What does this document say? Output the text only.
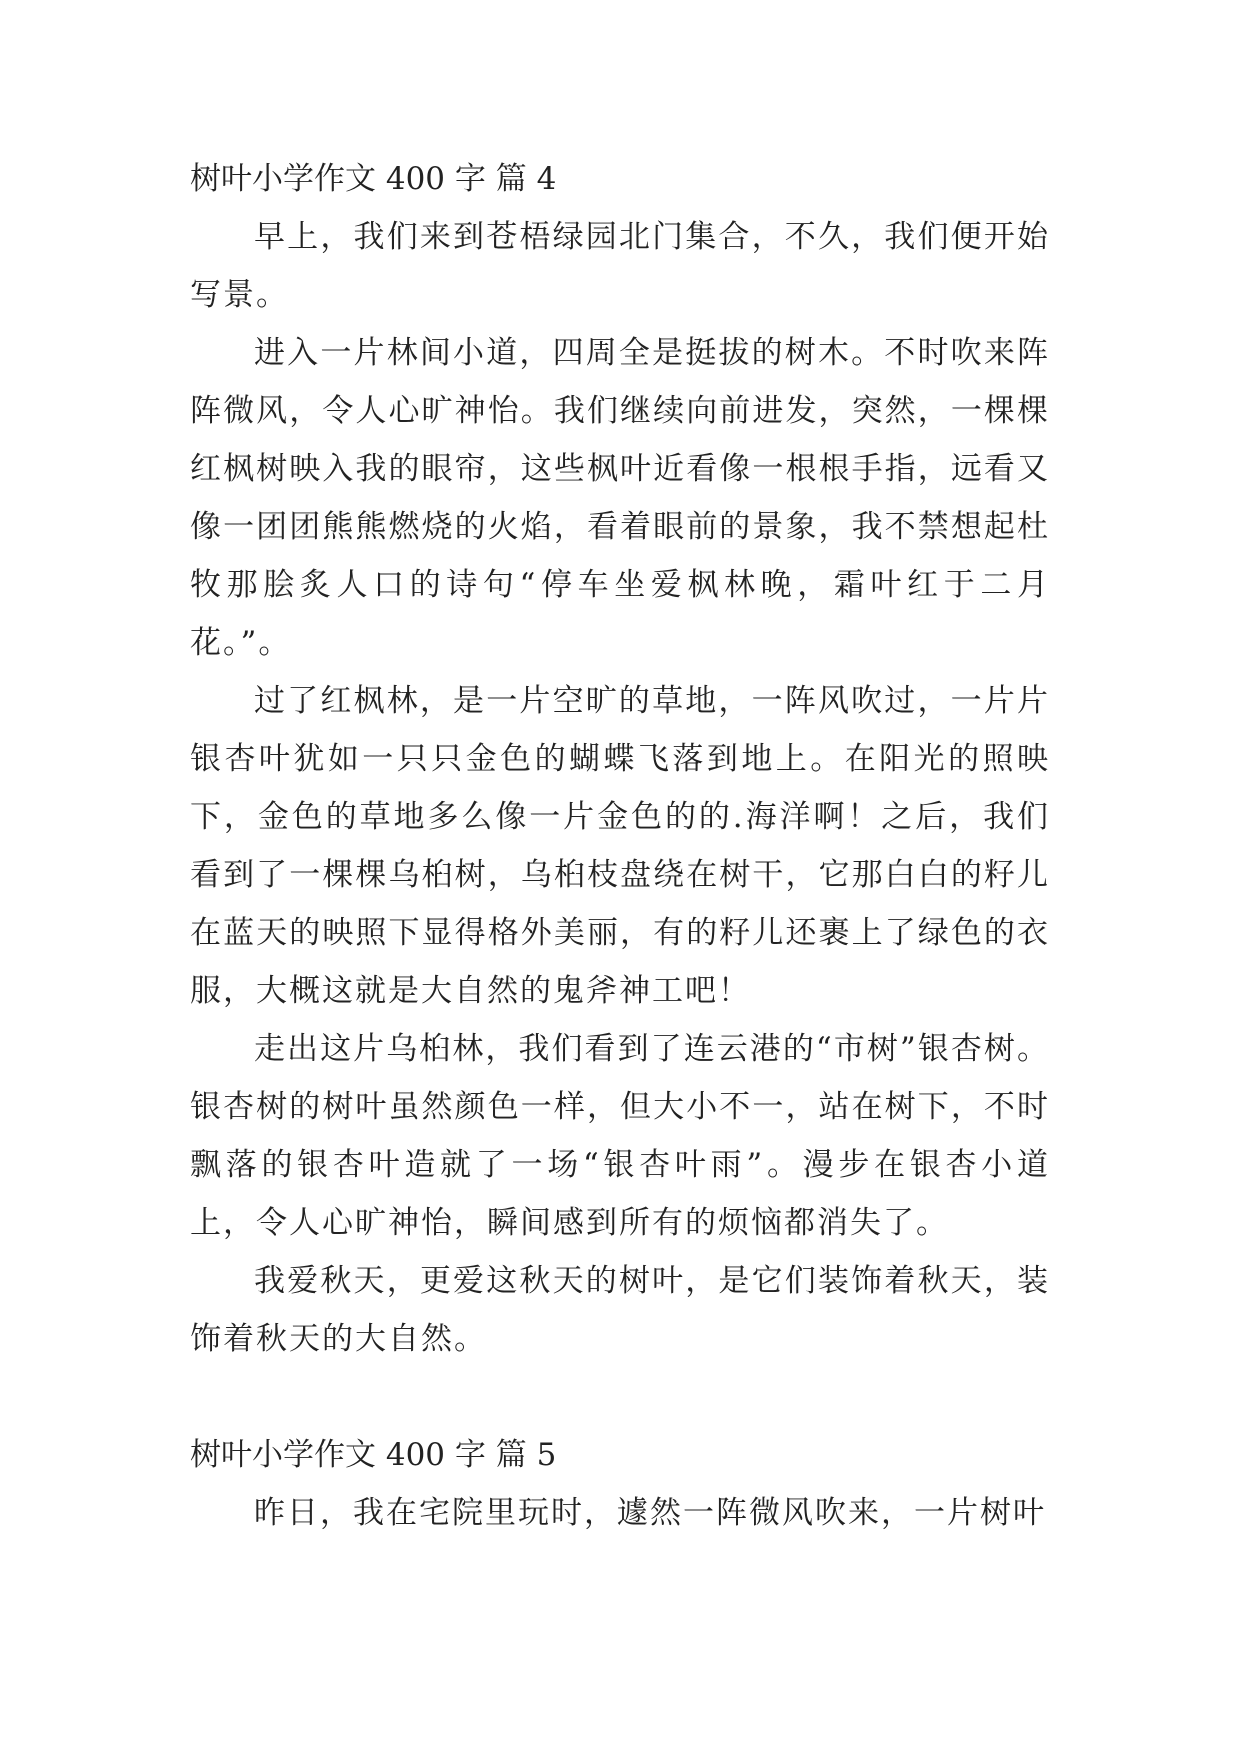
树叶小学作文 400 字 篇 4

早上，我们来到苍梧绿园北门集合，不久，我们便开始写景。

进入一片林间小道，四周全是挺拔的树木。不时吹来阵阵微风，令人心旷神怡。我们继续向前进发，突然，一棵棵红枫树映入我的眼帘，这些枫叶近看像一根根手指，远看又像一团团熊熊燃烧的火焰，看着眼前的景象，我不禁想起杜牧那脍炙人口的诗句“停车坐爱枫林晚，霜叶红于二月花。”。

过了红枫林，是一片空旷的草地，一阵风吹过，一片片银杏叶犹如一只只金色的蝴蝶飞落到地上。在阳光的照映下，金色的草地多么像一片金色的的.海洋啊！之后，我们看到了一棵棵乌桕树，乌桕枝盘绕在树干，它那白白的籽儿在蓝天的映照下显得格外美丽，有的籽儿还裹上了绿色的衣服，大概这就是大自然的鬼斧神工吧！

走出这片乌桕林，我们看到了连云港的“市树”银杏树。银杏树的树叶虽然颜色一样，但大小不一，站在树下，不时飘落的银杏叶造就了一场“银杏叶雨”。漫步在银杏小道上，令人心旷神怡，瞬间感到所有的烦恼都消失了。

我爱秋天，更爱这秋天的树叶，是它们装饰着秋天，装饰着秋天的大自然。

树叶小学作文 400 字 篇 5

昨日，我在宅院里玩时，遽然一阵微风吹来，一片树叶
